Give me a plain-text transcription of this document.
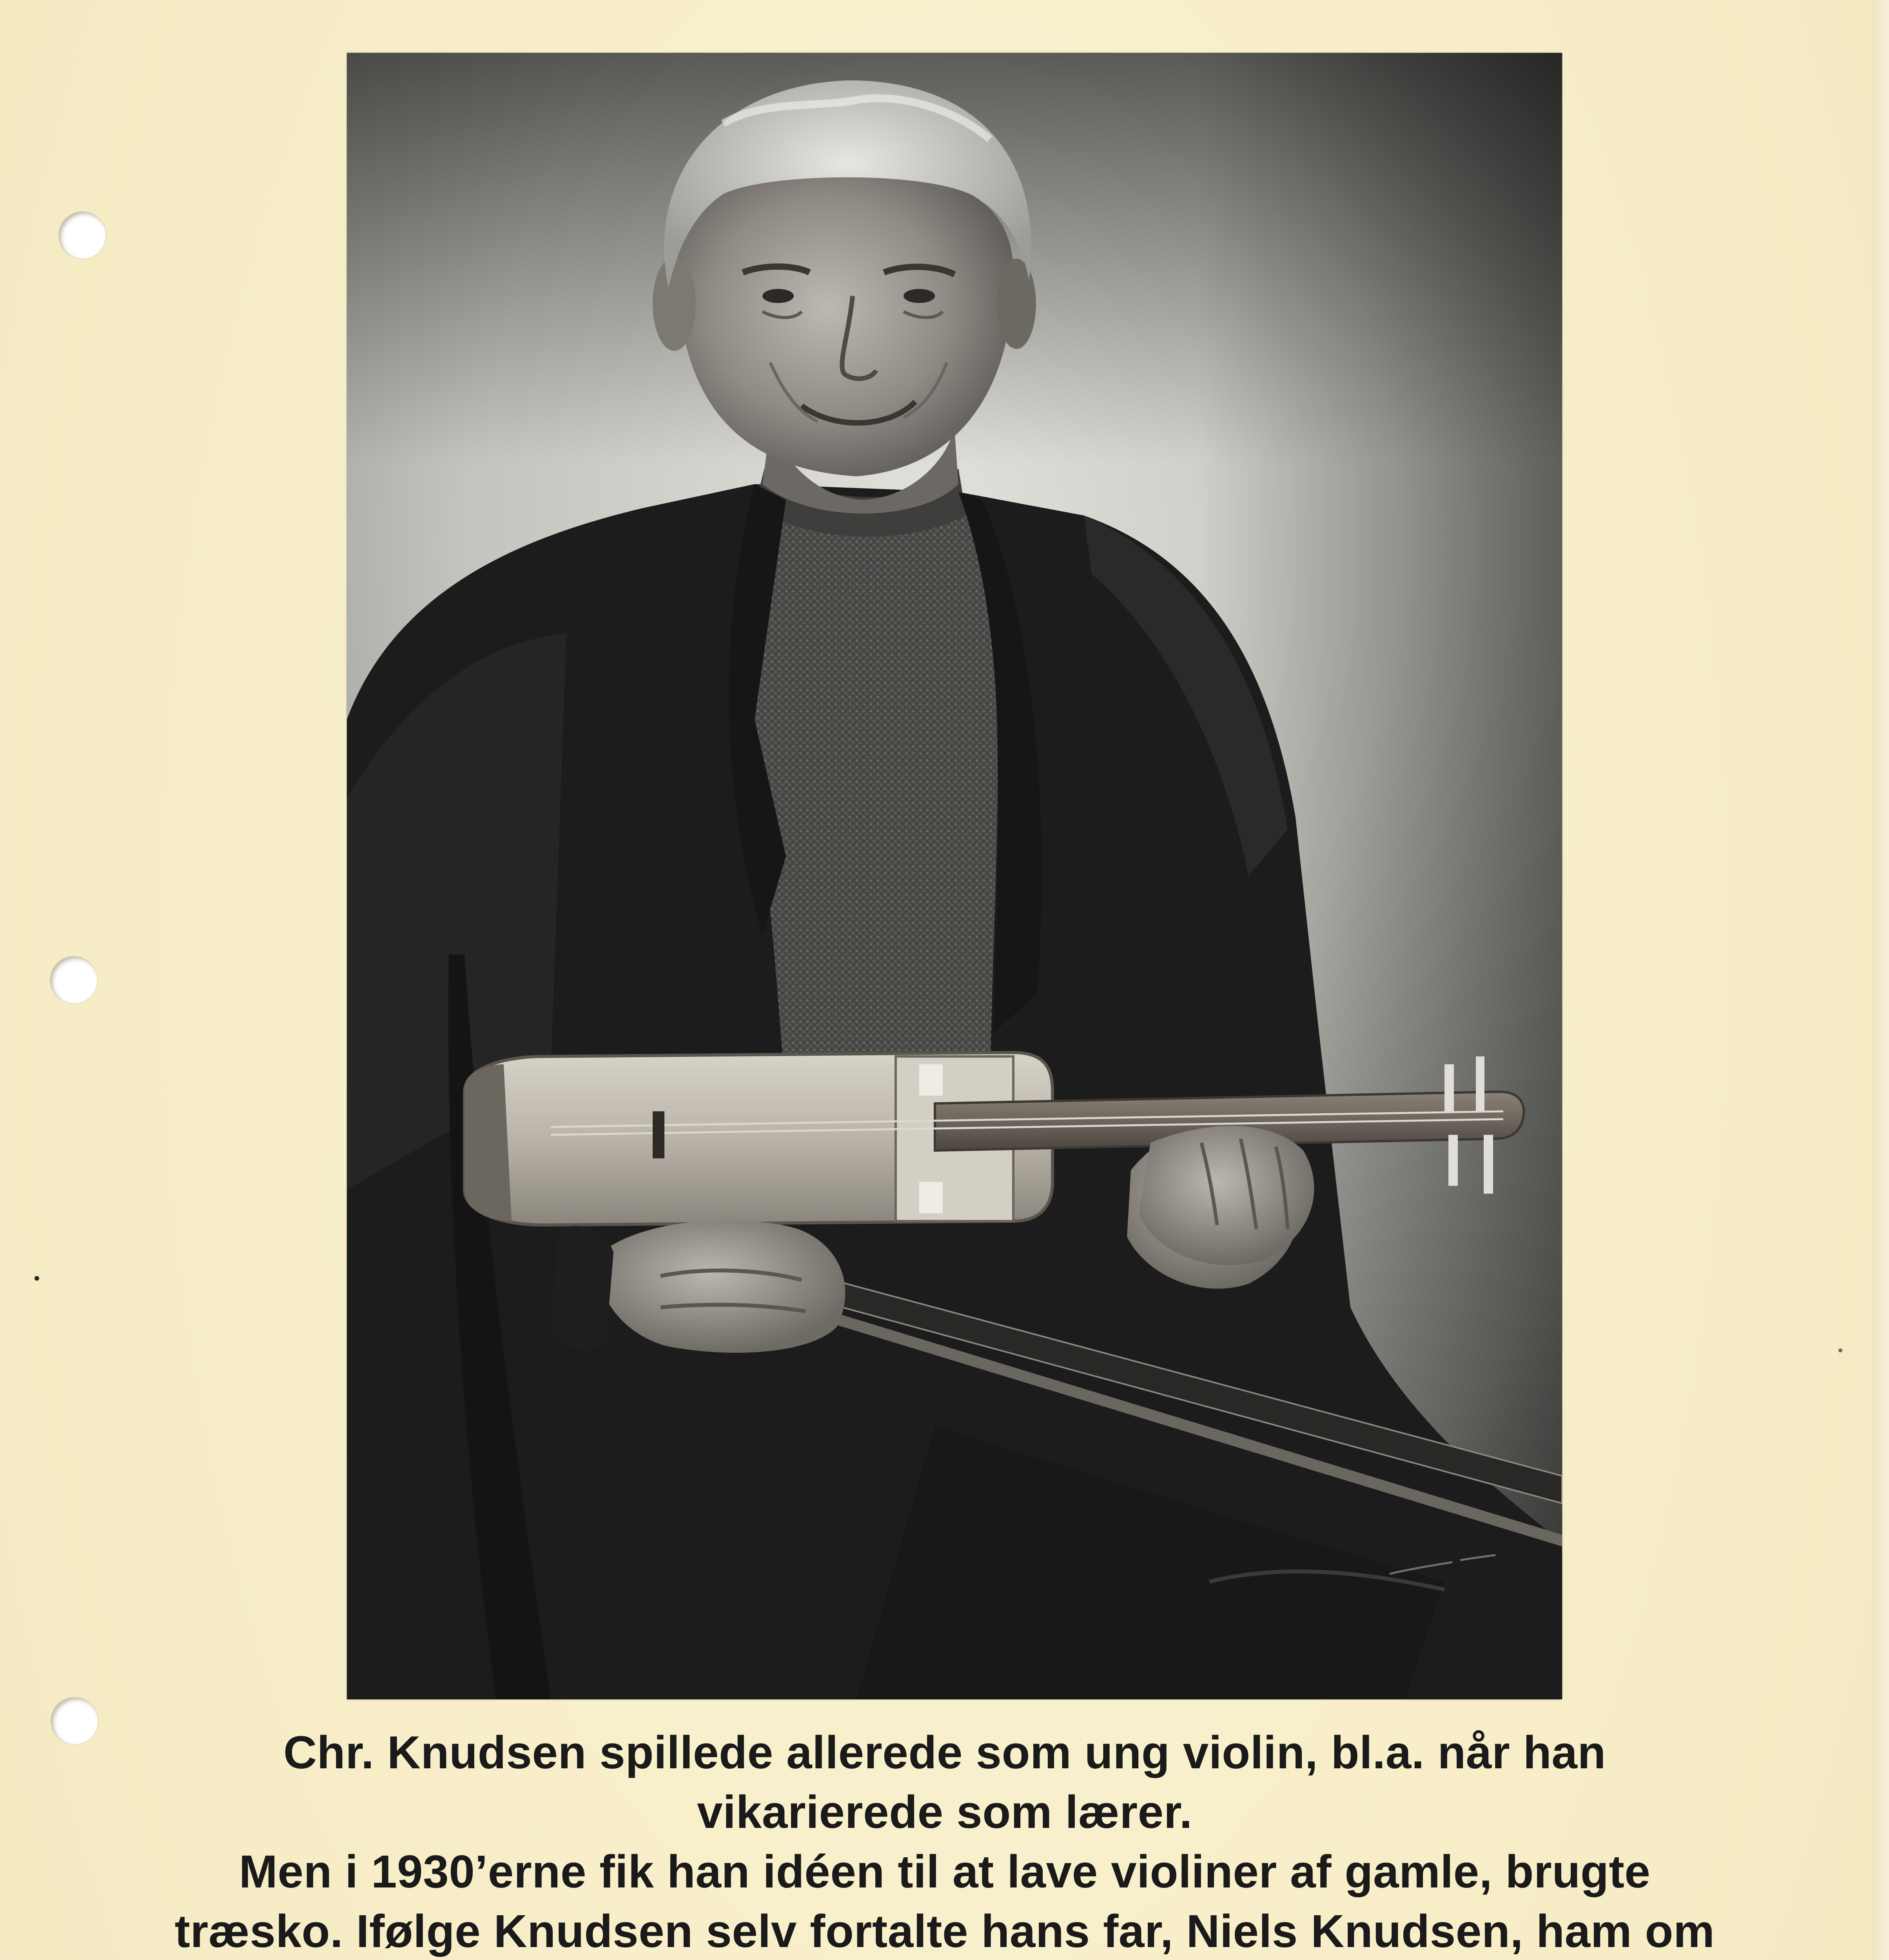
Chr. Knudsen spillede allerede som ung violin, bl.a. når han
vikarierede som lærer.
Men i 1930’erne fik han idéen til at lave violiner af gamle, brugte
træsko. Ifølge Knudsen selv fortalte hans far, Niels Knudsen, ham om
